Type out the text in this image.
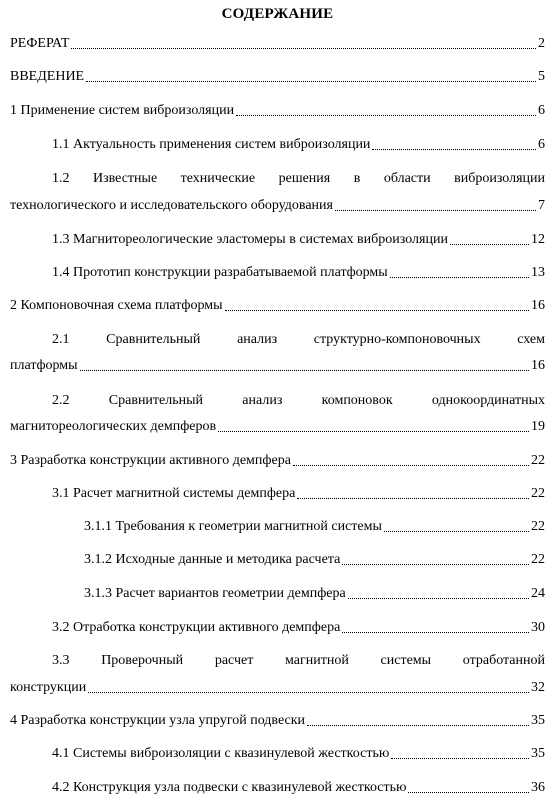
СОДЕРЖАНИЕ
РЕФЕРАТ	2
ВВЕДЕНИЕ	5
1 Применение систем виброизоляции	6
1.1 Актуальность применения систем виброизоляции	6
1.2 Известные технические решения в области виброизоляции
технологического и исследовательского оборудования	7
1.3 Магнитореологические эластомеры в системах виброизоляции	12
1.4 Прототип конструкции разрабатываемой платформы	13
2 Компоновочная схема платформы	16
2.1 Сравнительный анализ структурно-компоновочных схем
платформы	16
2.2 Сравнительный анализ компоновок однокоординатных
магнитореологических демпферов	19
3 Разработка конструкции активного демпфера	22
3.1 Расчет магнитной системы демпфера	22
3.1.1 Требования к геометрии магнитной системы	22
3.1.2 Исходные данные и методика расчета	22
3.1.3 Расчет вариантов геометрии демпфера	24
3.2 Отработка конструкции активного демпфера	30
3.3 Проверочный расчет магнитной системы отработанной
конструкции	32
4 Разработка конструкции узла упругой подвески	35
4.1 Системы виброизоляции с квазинулевой жесткостью	35
4.2 Конструкция узла подвески с квазинулевой жесткостью	36
